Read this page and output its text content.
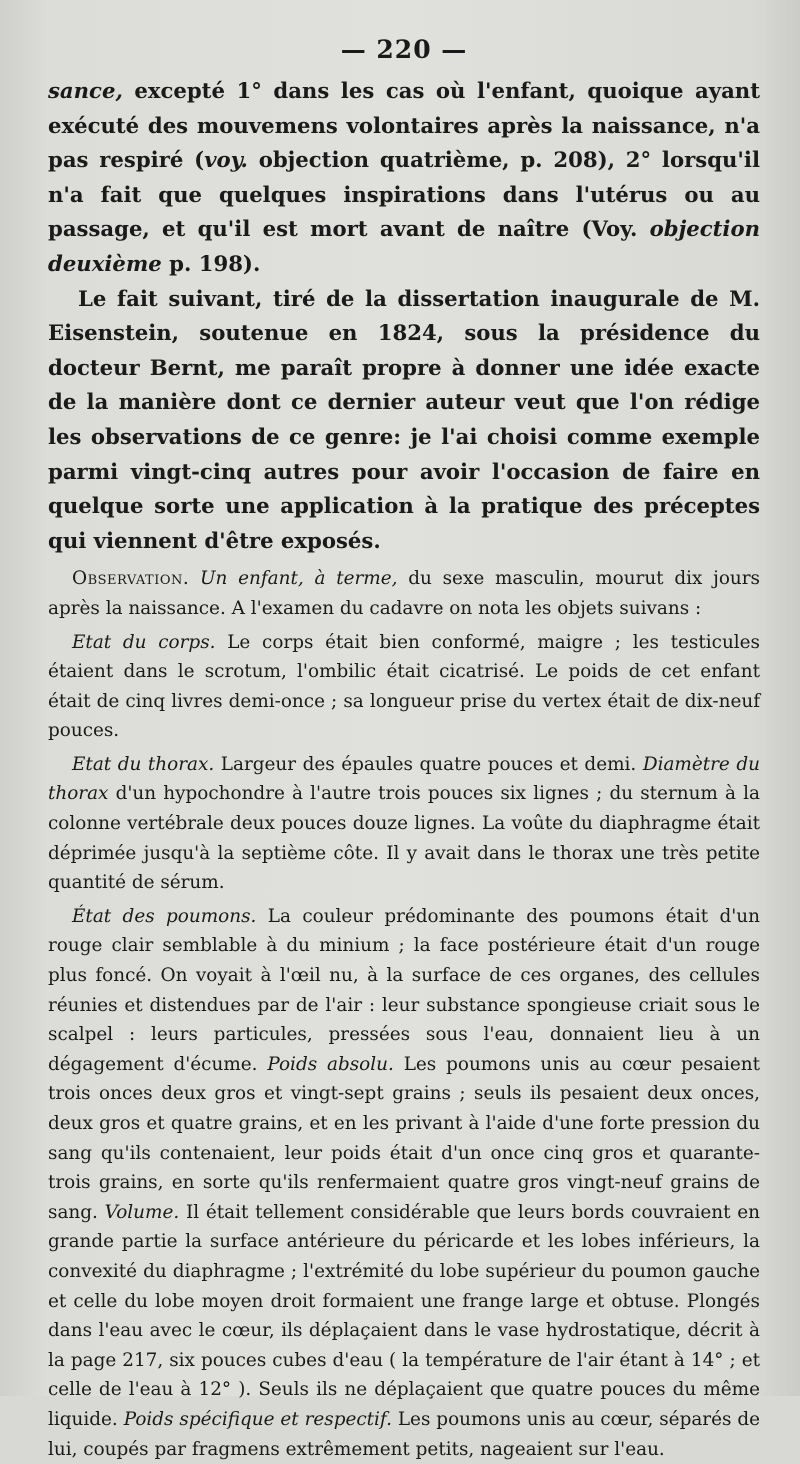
— 220 —

sance, excepté 1° dans les cas où l'enfant, quoique ayant exécuté des mouvemens volontaires après la naissance, n'a pas respiré (voy. objection quatrième, p. 208), 2° lorsqu'il n'a fait que quelques inspirations dans l'utérus ou au passage, et qu'il est mort avant de naître (Voy. objection deuxième p. 198).

Le fait suivant, tiré de la dissertation inaugurale de M. Eisenstein, soutenue en 1824, sous la présidence du docteur Bernt, me paraît propre à donner une idée exacte de la manière dont ce dernier auteur veut que l'on rédige les observations de ce genre: je l'ai choisi comme exemple parmi vingt-cinq autres pour avoir l'occasion de faire en quelque sorte une application à la pratique des préceptes qui viennent d'être exposés.

Observation. Un enfant, à terme, du sexe masculin, mourut dix jours après la naissance. A l'examen du cadavre on nota les objets suivans :

Etat du corps. Le corps était bien conformé, maigre ; les testicules étaient dans le scrotum, l'ombilic était cicatrisé. Le poids de cet enfant était de cinq livres demi-once ; sa longueur prise du vertex était de dix-neuf pouces.

Etat du thorax. Largeur des épaules quatre pouces et demi. Diamètre du thorax d'un hypochondre à l'autre trois pouces six lignes ; du sternum à la colonne vertébrale deux pouces douze lignes. La voûte du diaphragme était déprimée jusqu'à la septième côte. Il y avait dans le thorax une très petite quantité de sérum.

État des poumons. La couleur prédominante des poumons était d'un rouge clair semblable à du minium ; la face postérieure était d'un rouge plus foncé. On voyait à l'œil nu, à la surface de ces organes, des cellules réunies et distendues par de l'air : leur substance spongieuse criait sous le scalpel : leurs particules, pressées sous l'eau, donnaient lieu à un dégagement d'écume. Poids absolu. Les poumons unis au cœur pesaient trois onces deux gros et vingt-sept grains ; seuls ils pesaient deux onces, deux gros et quatre grains, et en les privant à l'aide d'une forte pression du sang qu'ils contenaient, leur poids était d'un once cinq gros et quarante-trois grains, en sorte qu'ils renfermaient quatre gros vingt-neuf grains de sang. Volume. Il était tellement considérable que leurs bords couvraient en grande partie la surface antérieure du péricarde et les lobes inférieurs, la convexité du diaphragme ; l'extrémité du lobe supérieur du poumon gauche et celle du lobe moyen droit formaient une frange large et obtuse. Plongés dans l'eau avec le cœur, ils déplaçaient dans le vase hydrostatique, décrit à la page 217, six pouces cubes d'eau ( la température de l'air étant à 14° ; et celle de l'eau à 12° ). Seuls ils ne déplaçaient que quatre pouces du même liquide. Poids spécifique et respectif. Les poumons unis au cœur, séparés de lui, coupés par fragmens extrêmement petits, nageaient sur l'eau.
